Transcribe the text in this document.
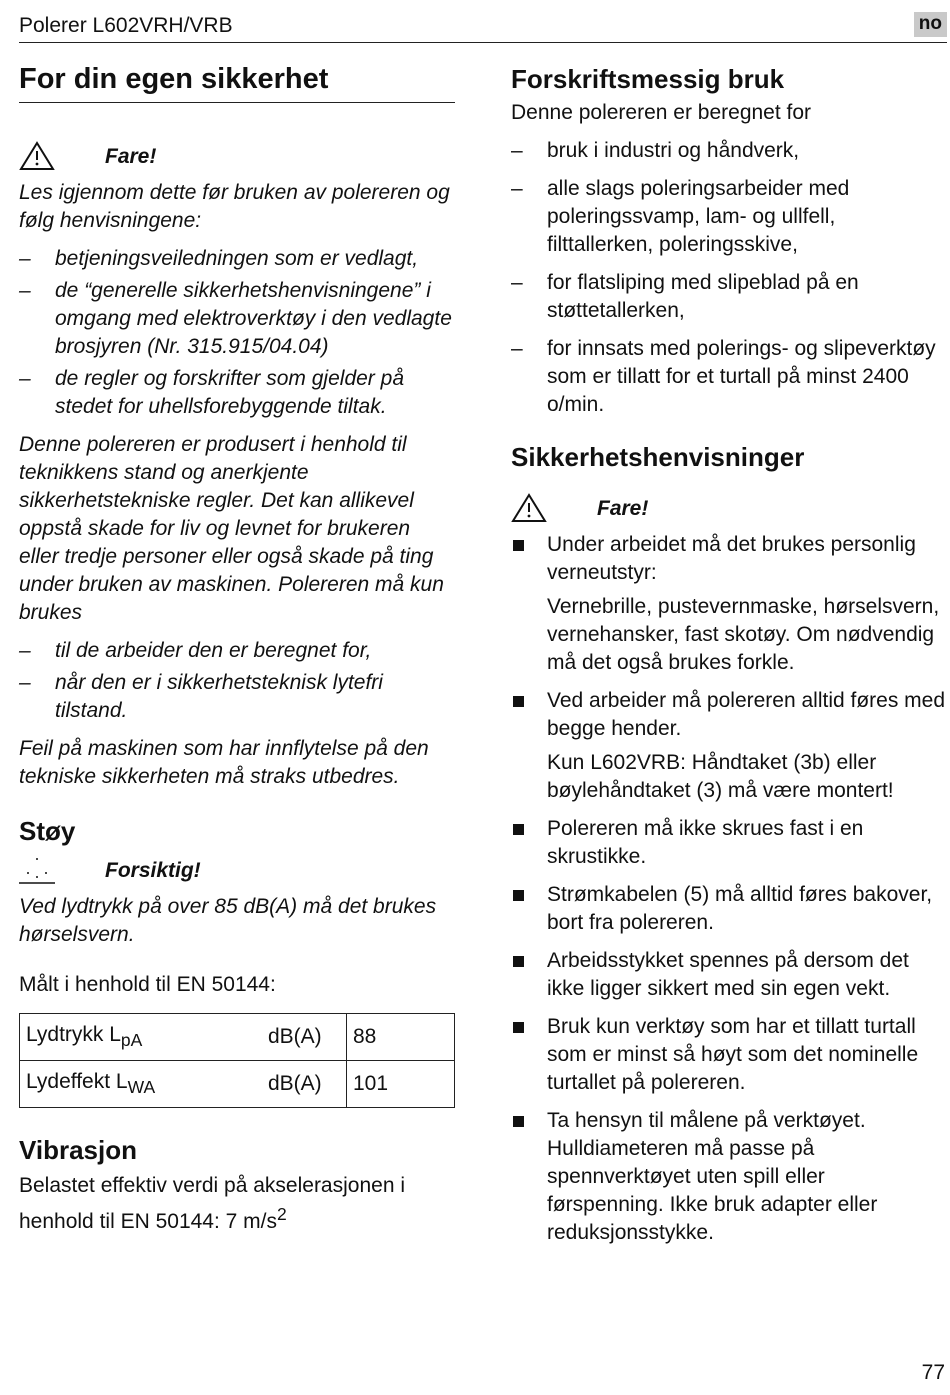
Polerer L602VRH/VRB	no
For din egen sikkerhet
Fare!

Les igjennom dette før bruken av polereren og følg henvisningene:

– betjeningsveiledningen som er vedlagt,
– de “generelle sikkerhetshenvisningene” i omgang med elektroverktøy i den vedlagte brosjyren (Nr. 315.915/04.04)
– de regler og forskrifter som gjelder på stedet for uhellsforebyggende tiltak.

Denne polereren er produsert i henhold til teknikkens stand og anerkjente sikkerhetstekniske regler. Det kan allikevel oppstå skade for liv og levnet for brukeren eller tredje personer eller også skade på ting under bruken av maskinen. Polereren må kun brukes

– til de arbeider den er beregnet for,
– når den er i sikkerhetsteknisk lytefri tilstand.

Feil på maskinen som har innflytelse på den tekniske sikkerheten må straks utbedres.

Støy
Forsiktig!

Ved lydtrykk på over 85 dB(A) må det brukes hørselsvern.

Målt i henhold til EN 50144:

Lydtrykk $L_{pA}$	dB(A)	88
Lydeffekt $L_{WA}$	dB(A)	101
Vibrasjon

Belastet effektiv verdi på akselerasjonen i henhold til EN 50144: 7 $m/s^2$

Forskriftsmessig bruk

Denne polereren er beregnet for

– bruk i industri og håndverk,
– alle slags poleringsarbeider med poleringssvamp, lam- og ullfell, filttallerken, poleringsskive,
– for flatsliping med slipeblad på en støttetallerken,
– for innsats med polerings- og slipeverktøy som er tillatt for et turtall på minst 2400 o/min.
Sikkerhetshenvisninger
Fare!
Under arbeidet må det brukes personlig verneutstyr:

Vernebrille, pustevernmaske, hørselsvern, vernehansker, fast skotøy. Om nødvendig må det også brukes forkle.

Ved arbeider må polereren alltid føres med begge hender.

Kun L602VRB: Håndtaket (3b) eller bøylehåndtaket (3) må være montert!

Polereren må ikke skrues fast i en skrustikke.
Strømkabelen (5) må alltid føres bakover, bort fra polereren.
Arbeidsstykket spennes på dersom det ikke ligger sikkert med sin egen vekt.
Bruk kun verktøy som har et tillatt turtall som er minst så høyt som det nominelle turtallet på polereren.
Ta hensyn til målene på verktøyet. Hulldiameteren må passe på spennverktøyet uten spill eller førspenning. Ikke bruk adapter eller reduksjonsstykke.
77
